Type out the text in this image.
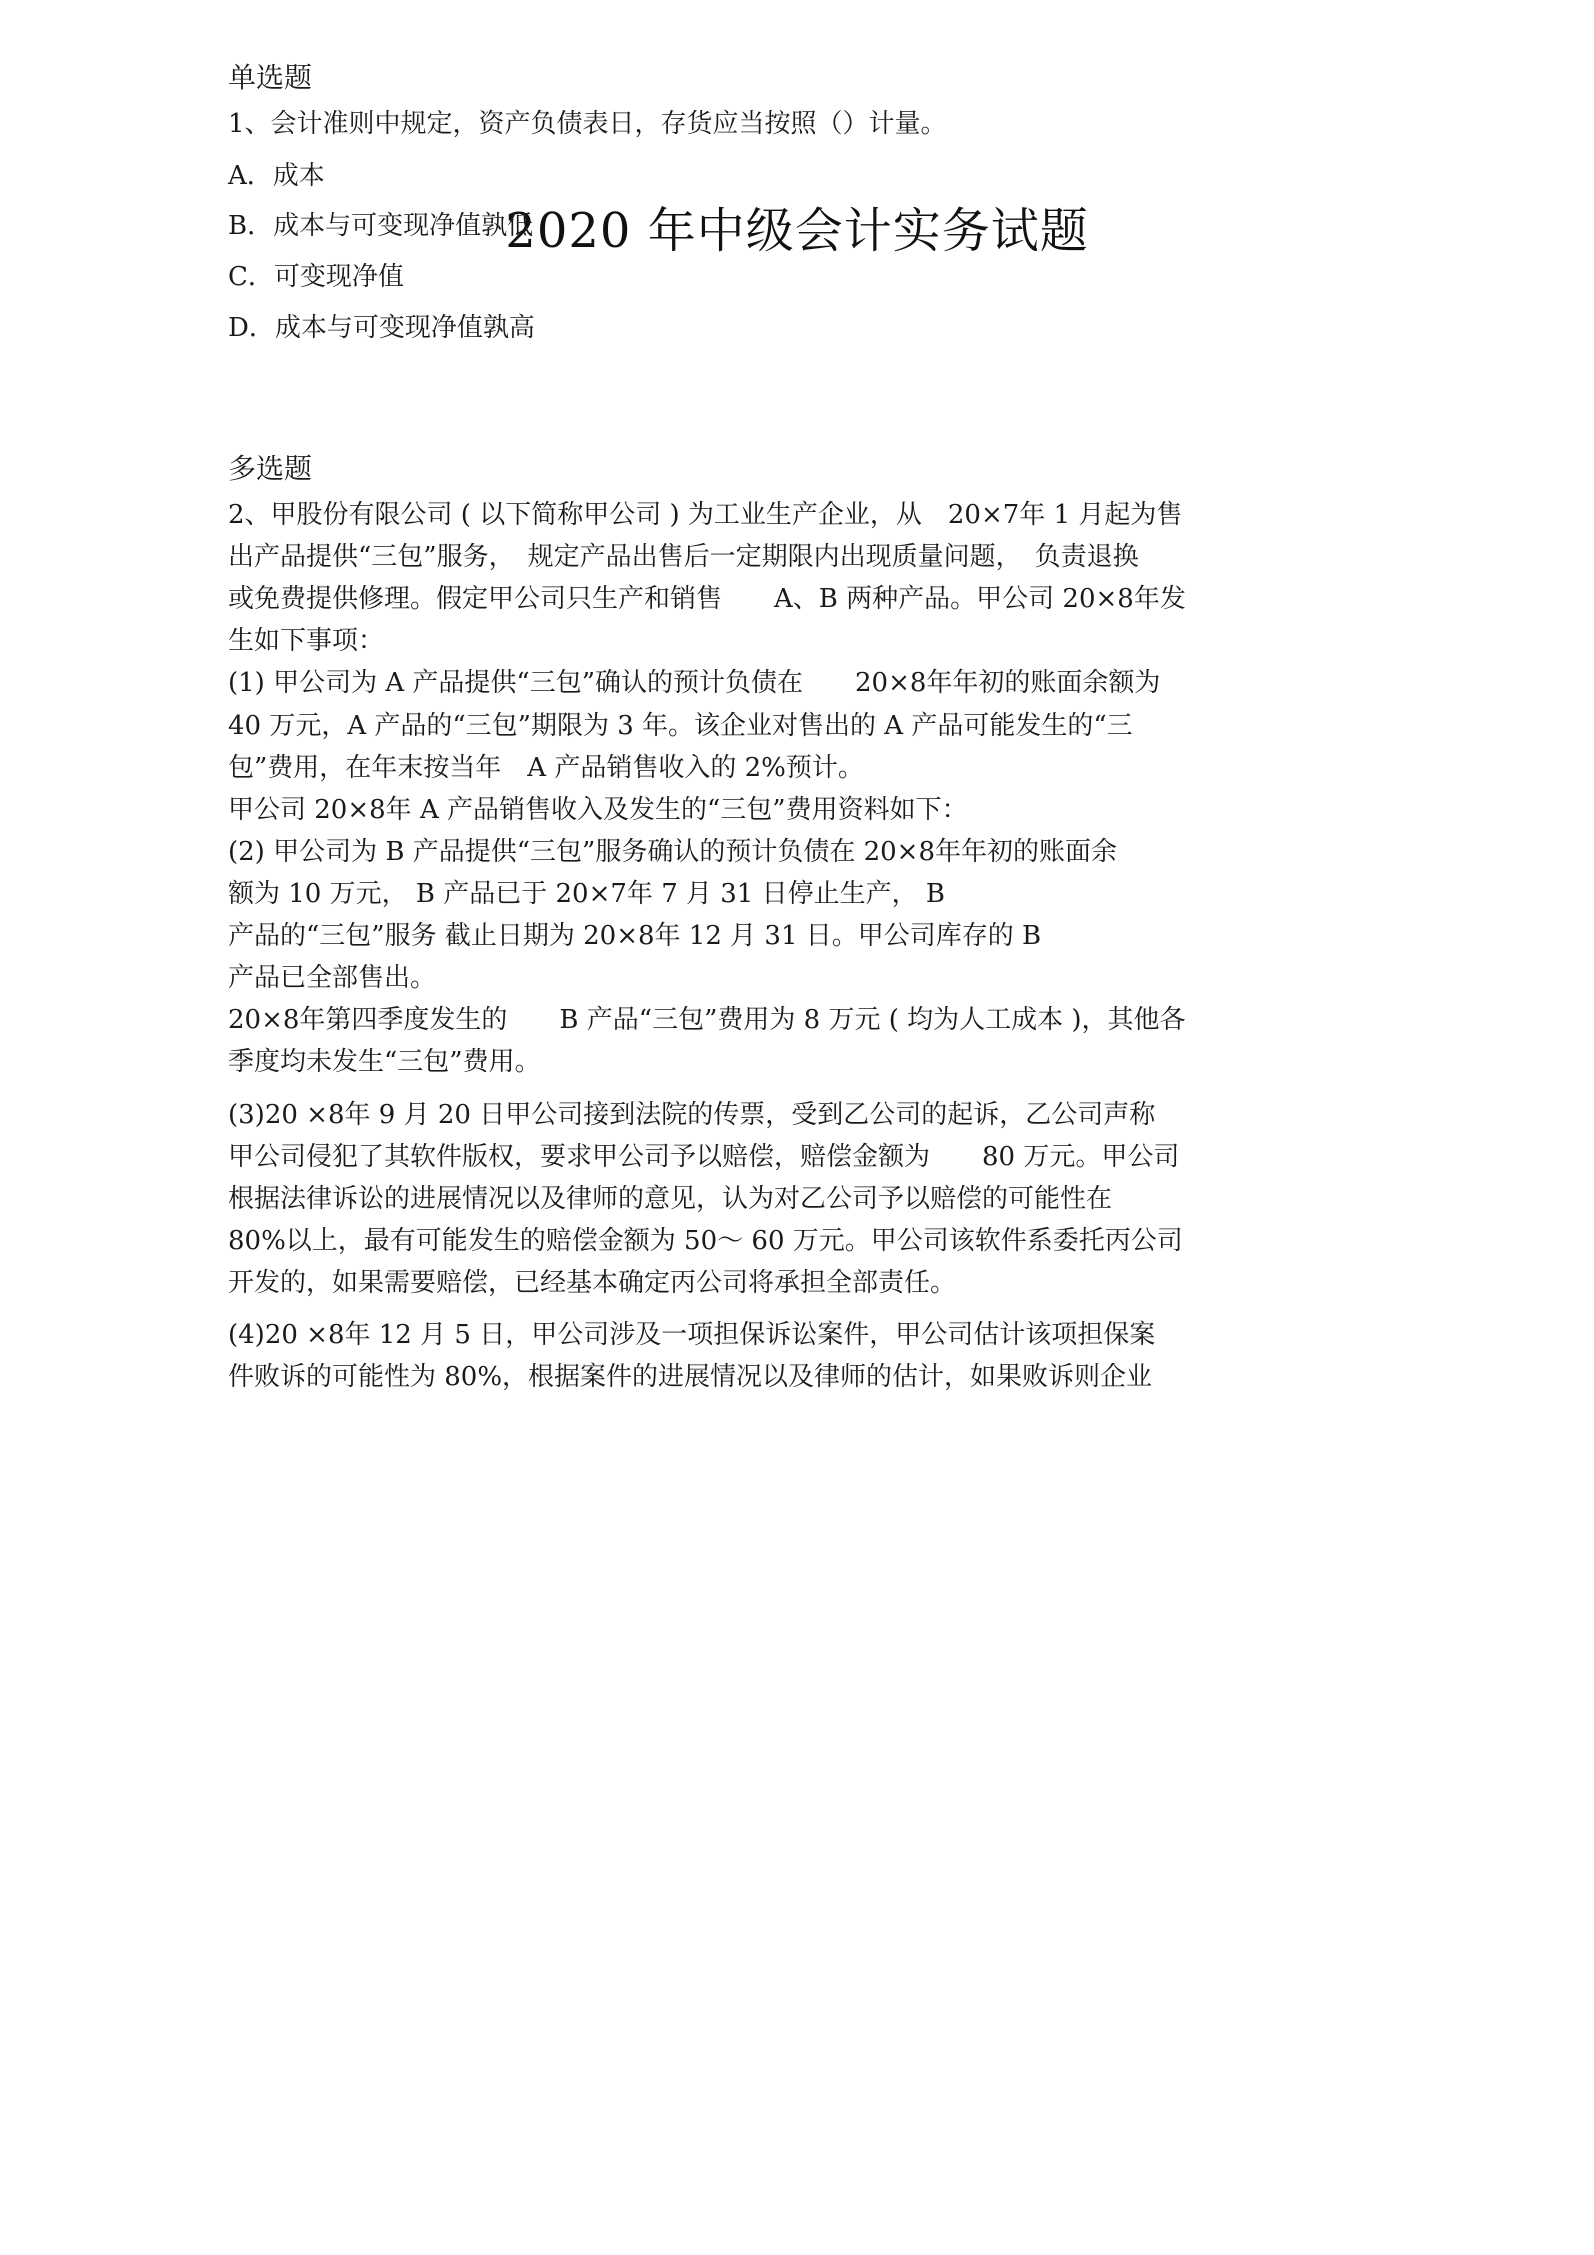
2020 年中级会计实务试题

单选题

1、会计准则中规定，资产负债表日，存货应当按照（）计量。

A．成本

B．成本与可变现净值孰低

C．可变现净值

D．成本与可变现净值孰高

多选题

2、甲股份有限公司 ( 以下简称甲公司 ) 为工业生产企业，从　20×7年 1 月起为售

出产品提供“三包”服务，　规定产品出售后一定期限内出现质量问题，　负责退换

或免费提供修理。假定甲公司只生产和销售　　A、B 两种产品。甲公司 20×8年发

生如下事项：

(1) 甲公司为 A 产品提供“三包”确认的预计负债在　　20×8年年初的账面余额为

40 万元，A 产品的“三包”期限为 3 年。该企业对售出的 A 产品可能发生的“三

包”费用，在年末按当年　A 产品销售收入的 2%预计。

甲公司 20×8年 A 产品销售收入及发生的“三包”费用资料如下：

(2) 甲公司为 B 产品提供“三包”服务确认的预计负债在 20×8年年初的账面余

额为 10 万元， B 产品已于 20×7年 7 月 31 日停止生产， B

产品的“三包”服务 截止日期为 20×8年 12 月 31 日。甲公司库存的 B

产品已全部售出。

20×8年第四季度发生的　　B 产品“三包”费用为 8 万元 ( 均为人工成本 )，其他各

季度均未发生“三包”费用。

(3)20 ×8年 9 月 20 日甲公司接到法院的传票，受到乙公司的起诉，乙公司声称

甲公司侵犯了其软件版权，要求甲公司予以赔偿，赔偿金额为　　80 万元。甲公司

根据法律诉讼的进展情况以及律师的意见，认为对乙公司予以赔偿的可能性在

80%以上，最有可能发生的赔偿金额为 50～ 60 万元。甲公司该软件系委托丙公司

开发的，如果需要赔偿，已经基本确定丙公司将承担全部责任。

(4)20 ×8年 12 月 5 日，甲公司涉及一项担保诉讼案件，甲公司估计该项担保案

件败诉的可能性为 80%，根据案件的进展情况以及律师的估计，如果败诉则企业
